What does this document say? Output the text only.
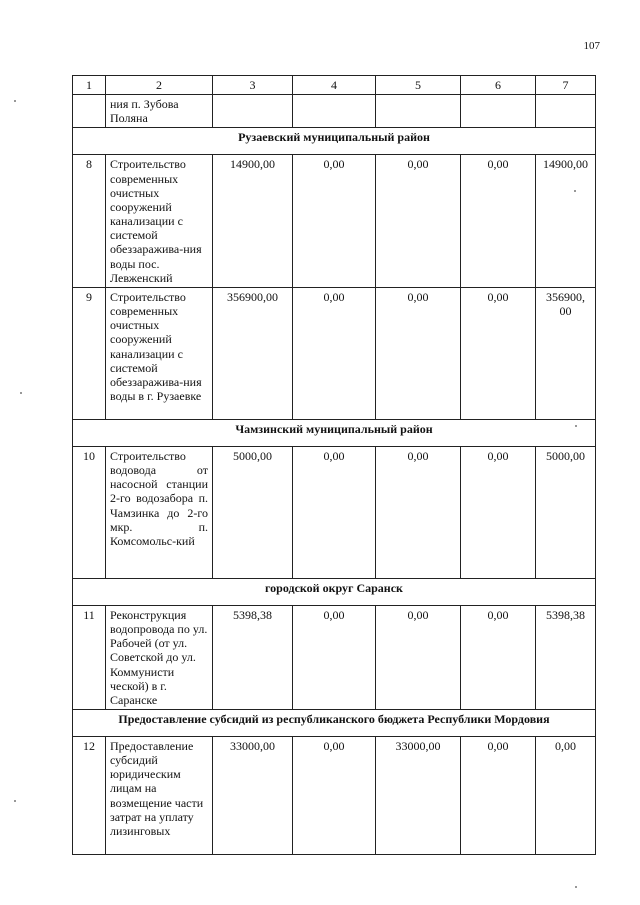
107
1	2	3	4	5	6	7
	ния п. Зубова Поляна					
Рузаевский муниципальный район						
8	Строительство современных очистных сооружений канализации с системой обеззаражива-ния воды пос. Левженский	14900,00	0,00	0,00	0,00	14900,00
9	Строительство современных очистных сооружений канализации с системой обеззаражива-ния воды в г. Рузаевке	356900,00	0,00	0,00	0,00	356900, 00
Чамзинский муниципальный район						
10	Строительство водовода от насосной станции 2-го водозабора п. Чамзинка до 2-го мкр. п. Комсомольс-кий	5000,00	0,00	0,00	0,00	5000,00
городской округ Саранск						
11	Реконструкция водопровода по ул. Рабочей (от ул. Советской до ул. Коммунисти ческой) в г. Саранске	5398,38	0,00	0,00	0,00	5398,38
Предоставление субсидий из республиканского бюджета Республики Мордовия						
12	Предоставление субсидий юридическим лицам на возмещение части затрат на уплату лизинговых	33000,00	0,00	33000,00	0,00	0,00
